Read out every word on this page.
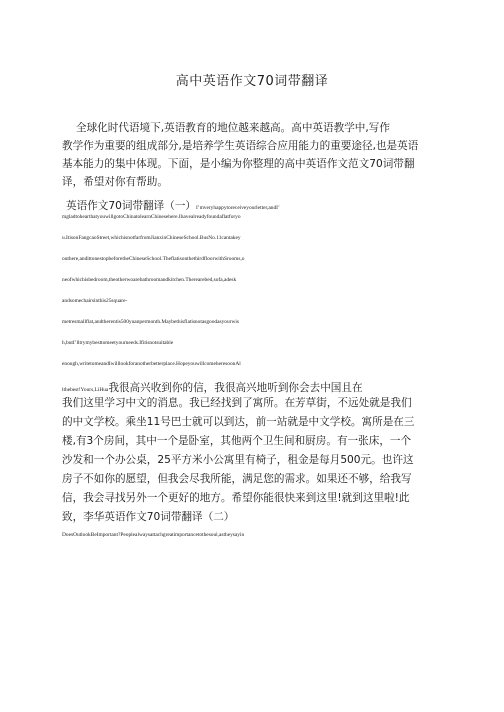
高中英语作文70词带翻译
全球化时代语境下,英语教育的地位越来越高。高中英语教学中,写作
教学作为重要的组成部分,是培养学生英语综合应用能力的重要途径,也是英语
基本能力的集中体现。下面，是小编为你整理的高中英语作文范文70词带翻
译，希望对你有帮助。
英语作文70词带翻译（一）I’mveryhappytoreceiveyourletter,andI’
mgladtohearthatyouwillgotoChinatolearnChinesehere.Ihavealreadyfoundaflatforyo
u.ItisonFangcaoStreet,whichisnotfarfromJianxinChineseSchool.BusNo.11cantakey
outhere,andittonestopbeforetheChineseSchool.TheflatisonthethirdfloorwithSrooms,o
neofwhichisbedroom,theotherwoarebathroomandkitchen.Therearebed,sofa,adesk
andsomechairsinthis25square-
metresmallflat,andtherentis500yuanpermonth.Maybethisflatisnotasgoodasyourwis
h,butI’lltrymybesttomeetyourneeds.Ifitisnotsuitable
enough,writetomeandIwilllookforanotherbetterplace.HopeyouwillcomeheresoonAl
lthebest!Yours,LiHua我很高兴收到你的信，我很高兴地听到你会去中国且在
我们这里学习中文的消息。我已经找到了寓所。在芳草街，不远处就是我们
的中文学校。乘坐11号巴士就可以到达，前一站就是中文学校。寓所是在三
楼,有3个房间，其中一个是卧室，其他两个卫生间和厨房。有一张床，一个
沙发和一个办公桌，25平方米小公寓里有椅子，租金是每月500元。也许这
房子不如你的愿望，但我会尽我所能，满足您的需求。如果还不够，给我写
信，我会寻找另外一个更好的地方。希望你能很快来到这里!就到这里啦!此
致，李华英语作文70词带翻译（二）
DoesOutlookBeImportant?Peoplealwaysattachgreatimportancetothesoul,astheysayin
